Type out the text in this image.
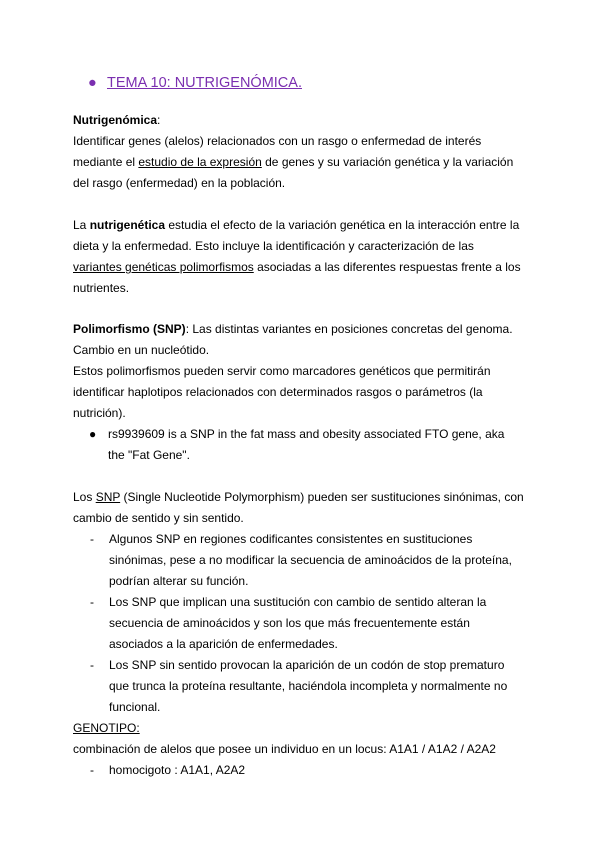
● TEMA 10: NUTRIGENÓMICA.
Nutrigenómica:
Identificar genes (alelos) relacionados con un rasgo o enfermedad de interés
mediante el estudio de la expresión de genes y su variación genética y la variación
del rasgo (enfermedad) en la población.
La nutrigenética estudia el efecto de la variación genética en la interacción entre la
dieta y la enfermedad. Esto incluye la identificación y caracterización de las
variantes genéticas polimorfismos asociadas a las diferentes respuestas frente a los
nutrientes.
Polimorfismo (SNP): Las distintas variantes en posiciones concretas del genoma.
Cambio en un nucleótido.
Estos polimorfismos pueden servir como marcadores genéticos que permitirán
identificar haplotipos relacionados con determinados rasgos o parámetros (la
nutrición).
● rs9939609 is a SNP in the fat mass and obesity associated FTO gene, aka
the "Fat Gene".
Los SNP (Single Nucleotide Polymorphism) pueden ser sustituciones sinónimas, con
cambio de sentido y sin sentido.
- Algunos SNP en regiones codificantes consistentes en sustituciones
sinónimas, pese a no modificar la secuencia de aminoácidos de la proteína,
podrían alterar su función.
- Los SNP que implican una sustitución con cambio de sentido alteran la
secuencia de aminoácidos y son los que más frecuentemente están
asociados a la aparición de enfermedades.
- Los SNP sin sentido provocan la aparición de un codón de stop prematuro
que trunca la proteína resultante, haciéndola incompleta y normalmente no
funcional.
GENOTIPO:
combinación de alelos que posee un individuo en un locus: A1A1 / A1A2 / A2A2
- homocigoto : A1A1, A2A2
